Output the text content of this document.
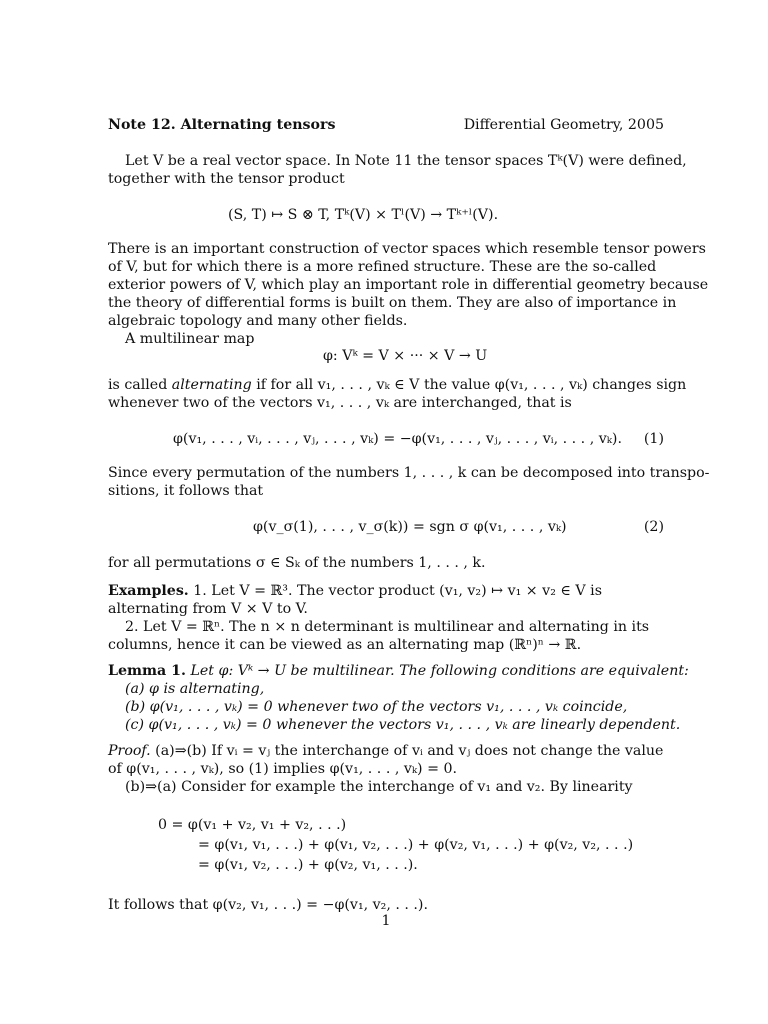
Note 12. Alternating tensors	Differential Geometry, 2005
Let V be a real vector space. In Note 11 the tensor spaces Tᵏ(V) were defined,
together with the tensor product
(S, T) ↦ S ⊗ T, Tᵏ(V) × Tˡ(V) → Tᵏ⁺ˡ(V).
There is an important construction of vector spaces which resemble tensor powers
of V, but for which there is a more refined structure. These are the so-called
exterior powers of V, which play an important role in differential geometry because
the theory of differential forms is built on them. They are also of importance in
algebraic topology and many other fields.
A multilinear map
φ: Vᵏ = V × ··· × V → U
is called alternating if for all v₁, . . . , vₖ ∈ V the value φ(v₁, . . . , vₖ) changes sign
whenever two of the vectors v₁, . . . , vₖ are interchanged, that is
φ(v₁, . . . , vᵢ, . . . , vⱼ, . . . , vₖ) = −φ(v₁, . . . , vⱼ, . . . , vᵢ, . . . , vₖ). (1)
Since every permutation of the numbers 1, . . . , k can be decomposed into transpo-
sitions, it follows that
φ(v_σ(1), . . . , v_σ(k)) = sgn σ φ(v₁, . . . , vₖ)	(2)
for all permutations σ ∈ Sₖ of the numbers 1, . . . , k.
Examples. 1. Let V = ℝ³. The vector product (v₁, v₂) ↦ v₁ × v₂ ∈ V is
alternating from V × V to V.
2. Let V = ℝⁿ. The n × n determinant is multilinear and alternating in its
columns, hence it can be viewed as an alternating map (ℝⁿ)ⁿ → ℝ.
Lemma 1. Let φ: Vᵏ → U be multilinear. The following conditions are equivalent:
(a) φ is alternating,
(b) φ(v₁, . . . , vₖ) = 0 whenever two of the vectors v₁, . . . , vₖ coincide,
(c) φ(v₁, . . . , vₖ) = 0 whenever the vectors v₁, . . . , vₖ are linearly dependent.
Proof. (a)⇒(b) If vᵢ = vⱼ the interchange of vᵢ and vⱼ does not change the value
of φ(v₁, . . . , vₖ), so (1) implies φ(v₁, . . . , vₖ) = 0.
(b)⇒(a) Consider for example the interchange of v₁ and v₂. By linearity
0 = φ(v₁ + v₂, v₁ + v₂, . . .)
= φ(v₁, v₁, . . .) + φ(v₁, v₂, . . .) + φ(v₂, v₁, . . .) + φ(v₂, v₂, . . .)
= φ(v₁, v₂, . . .) + φ(v₂, v₁, . . .).
It follows that φ(v₂, v₁, . . .) = −φ(v₁, v₂, . . .).
1
